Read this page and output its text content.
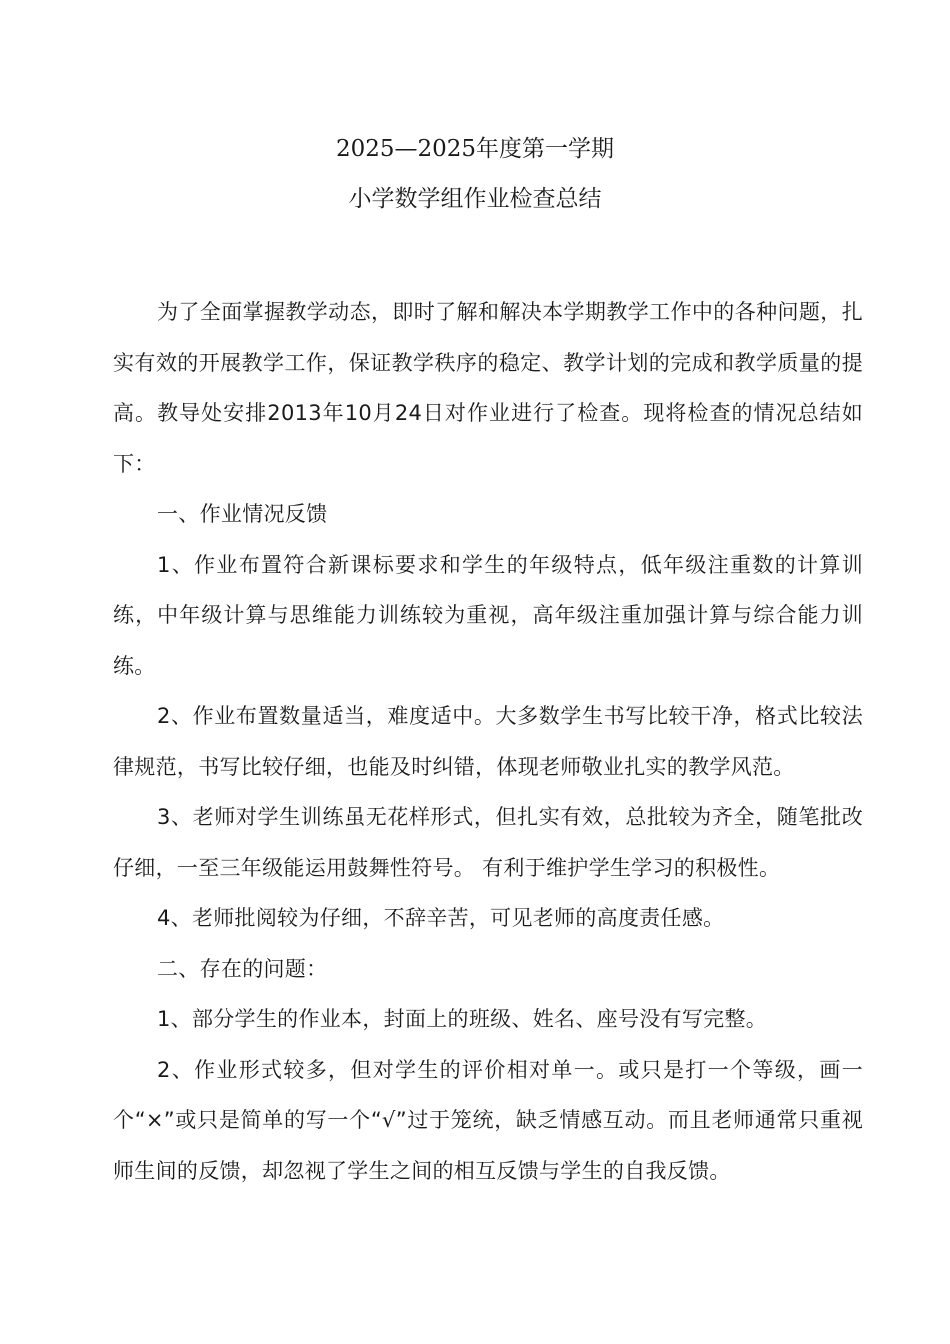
2025—2025年度第一学期
小学数学组作业检查总结

为了全面掌握教学动态，即时了解和解决本学期教学工作中的各种问题，扎实有效的开展教学工作，保证教学秩序的稳定、教学计划的完成和教学质量的提高。教导处安排2013年10月24日对作业进行了检查。现将检查的情况总结如下：

一、作业情况反馈

1、作业布置符合新课标要求和学生的年级特点，低年级注重数的计算训练，中年级计算与思维能力训练较为重视，高年级注重加强计算与综合能力训练。

2、作业布置数量适当，难度适中。大多数学生书写比较干净，格式比较法律规范，书写比较仔细，也能及时纠错，体现老师敬业扎实的教学风范。

3、老师对学生训练虽无花样形式，但扎实有效，总批较为齐全，随笔批改仔细，一至三年级能运用鼓舞性符号。 有利于维护学生学习的积极性。

4、老师批阅较为仔细，不辞辛苦，可见老师的高度责任感。

二、存在的问题：

1、部分学生的作业本，封面上的班级、姓名、座号没有写完整。

2、作业形式较多，但对学生的评价相对单一。或只是打一个等级，画一个“×”或只是简单的写一个“√”过于笼统，缺乏情感互动。而且老师通常只重视师生间的反馈，却忽视了学生之间的相互反馈与学生的自我反馈。
